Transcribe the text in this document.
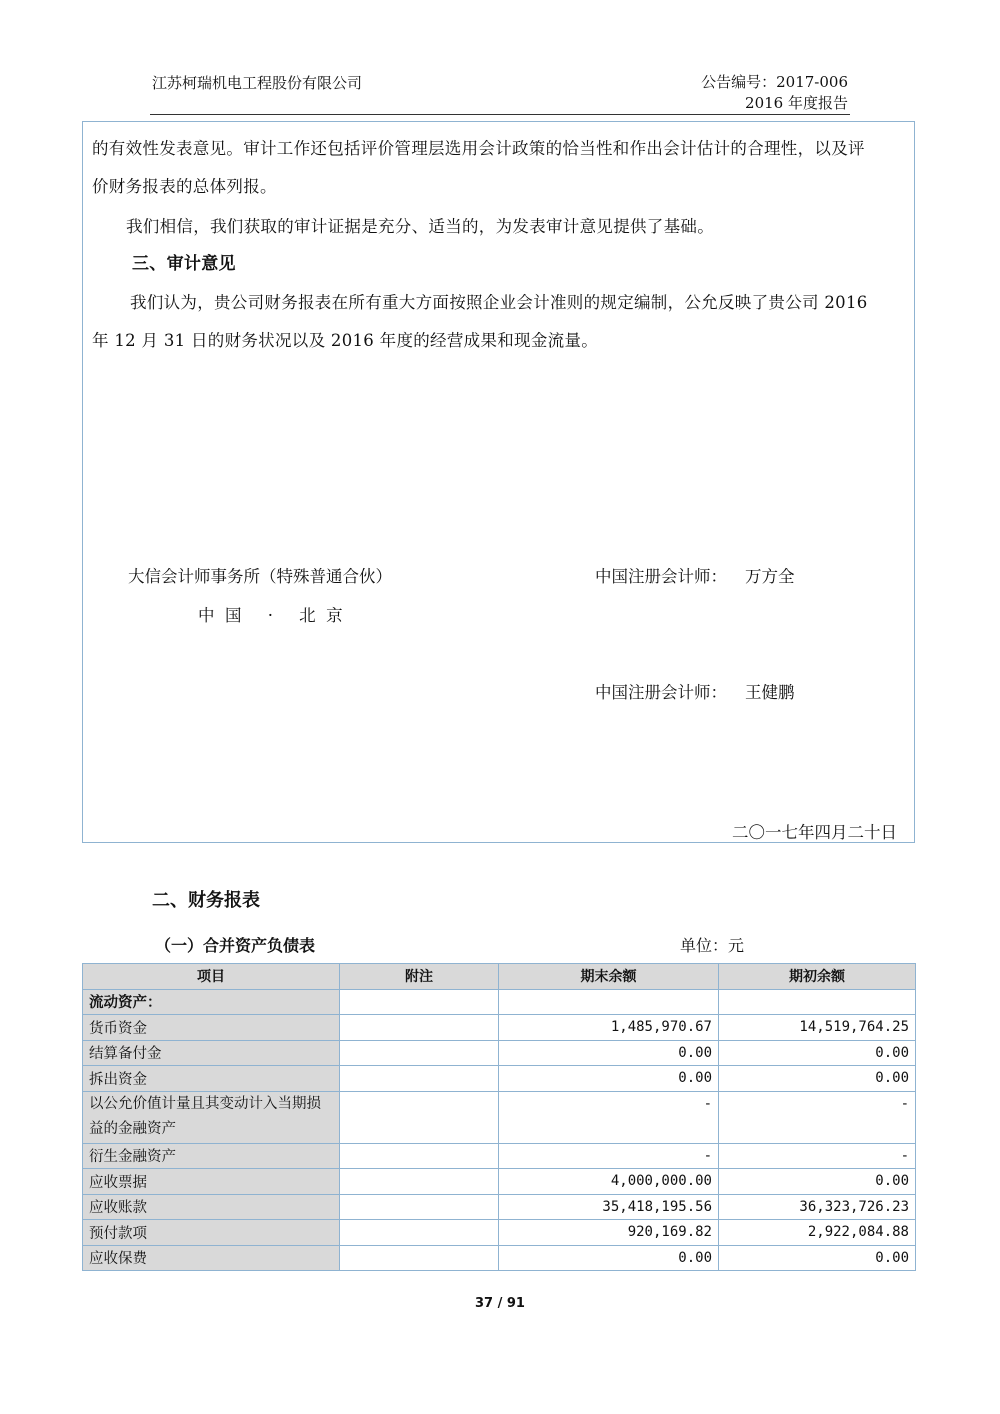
江苏柯瑞机电工程股份有限公司	公告编号：2017-006
2016 年度报告
的有效性发表意见。审计工作还包括评价管理层选用会计政策的恰当性和作出会计估计的合理性，以及评
价财务报表的总体列报。
我们相信，我们获取的审计证据是充分、适当的，为发表审计意见提供了基础。
三、审计意见
我们认为，贵公司财务报表在所有重大方面按照企业会计准则的规定编制，公允反映了贵公司 2016
年 12 月 31 日的财务状况以及 2016 年度的经营成果和现金流量。
大信会计师事务所（特殊普通合伙）
中  国     ·     北  京
中国注册会计师： 万方全
中国注册会计师： 王健鹏
二〇一七年四月二十日
二、财务报表
（一）合并资产负债表	单位：元
项目	附注	期末余额	期初余额
流动资产：			
货币资金		1,485,970.67	14,519,764.25
结算备付金		0.00	0.00
拆出资金		0.00	0.00
以公允价值计量且其变动计入当期损益的金融资产		-	-
衍生金融资产		-	-
应收票据		4,000,000.00	0.00
应收账款		35,418,195.56	36,323,726.23
预付款项		920,169.82	2,922,084.88
应收保费		0.00	0.00
37 / 91
